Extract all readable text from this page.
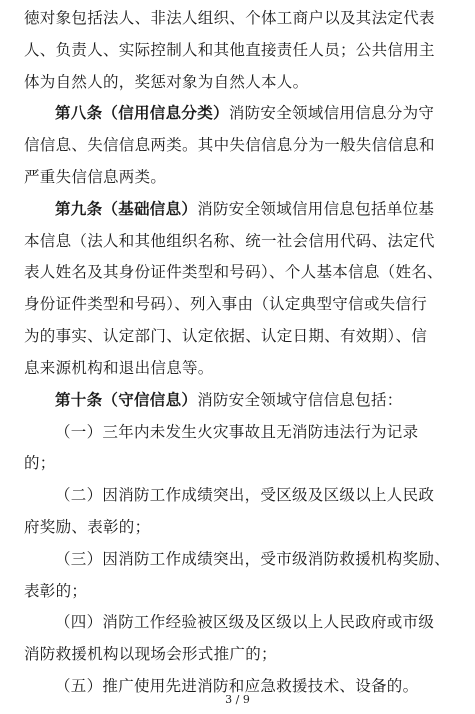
徳对象包括法人、非法人组织、个体工商户以及其法定代表
人、负责人、实际控制人和其他直接责任人员；公共信用主
体为自然人的，奖惩对象为自然人本人。
第八条（信用信息分类）消防安全领域信用信息分为守
信信息、失信信息两类。其中失信信息分为一般失信信息和
严重失信信息两类。
第九条（基础信息）消防安全领域信用信息包括单位基
本信息（法人和其他组织名称、统一社会信用代码、法定代
表人姓名及其身份证件类型和号码）、个人基本信息（姓名、
身份证件类型和号码）、列入事由（认定典型守信或失信行
为的事实、认定部门、认定依据、认定日期、有效期）、信
息来源机构和退出信息等。
第十条（守信信息）消防安全领域守信信息包括：
（一）三年内未发生火灾事故且无消防违法行为记录
的；
（二）因消防工作成绩突出，受区级及区级以上人民政
府奖励、表彰的；
（三）因消防工作成绩突出，受市级消防救援机构奖励、
表彰的；
（四）消防工作经验被区级及区级以上人民政府或市级
消防救援机构以现场会形式推广的；
（五）推广使用先进消防和应急救援技术、设备的。
3 / 9
